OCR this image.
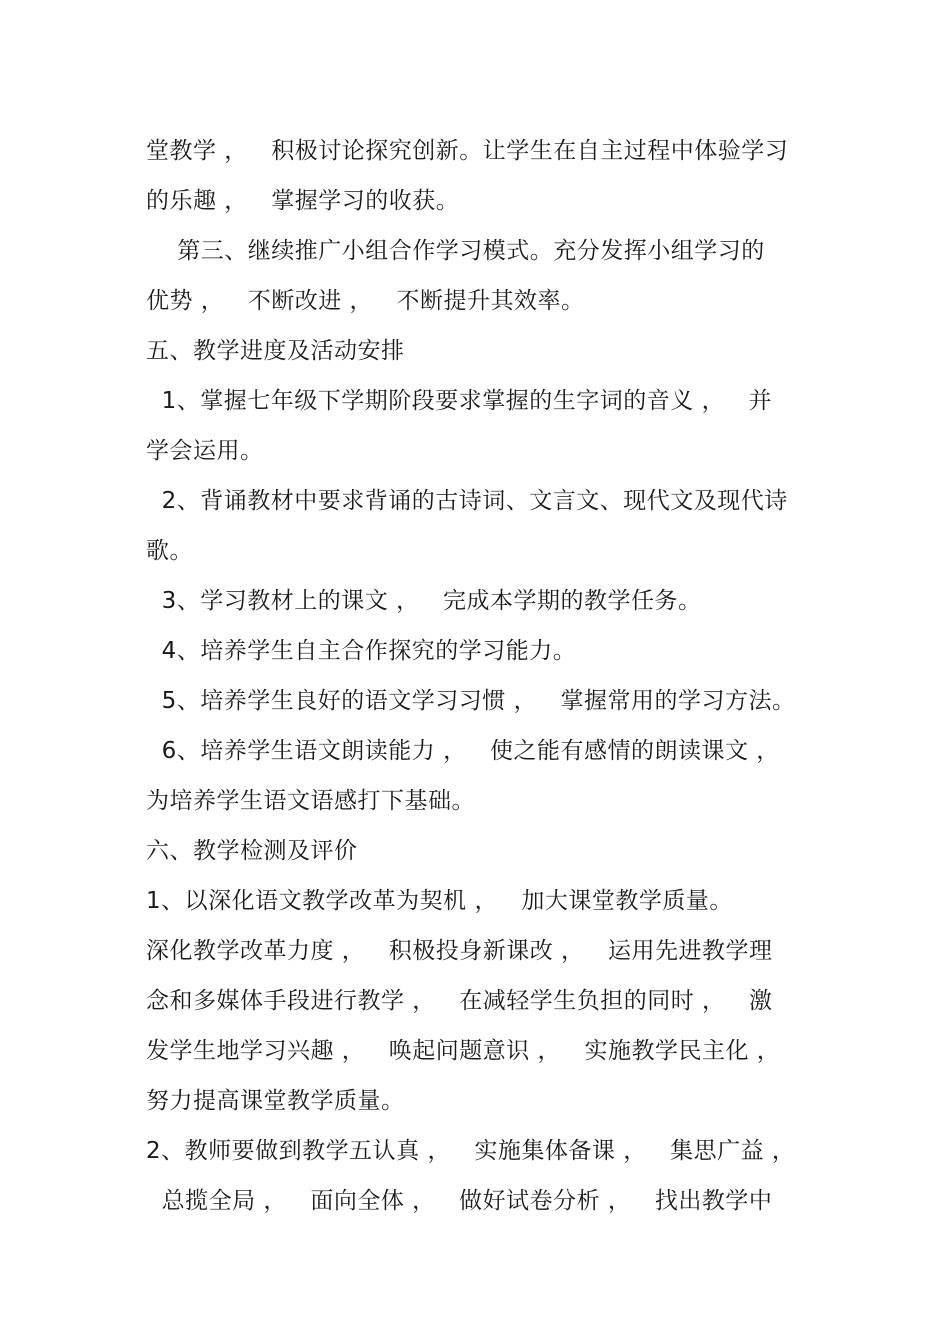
堂教学 ，   积极讨论探究创新。让学生在自主过程中体验学习
的乐趣 ，   掌握学习的收获。
第三、继续推广小组合作学习模式。充分发挥小组学习的
优势 ，   不断改进 ，   不断提升其效率。
五、教学进度及活动安排
1、掌握七年级下学期阶段要求掌握的生字词的音义 ，   并
学会运用。
2、背诵教材中要求背诵的古诗词、文言文、现代文及现代诗
歌。
3、学习教材上的课文 ，   完成本学期的教学任务。
4、培养学生自主合作探究的学习能力。
5、培养学生良好的语文学习习惯 ，   掌握常用的学习方法。
6、培养学生语文朗读能力 ，   使之能有感情的朗读课文 ，
为培养学生语文语感打下基础。
六、教学检测及评价
1、以深化语文教学改革为契机 ，   加大课堂教学质量。
深化教学改革力度 ，   积极投身新课改 ，   运用先进教学理
念和多媒体手段进行教学 ，   在减轻学生负担的同时 ，   激
发学生地学习兴趣 ，   唤起问题意识 ，   实施教学民主化 ，
努力提高课堂教学质量。
2、教师要做到教学五认真 ，   实施集体备课 ，   集思广益 ，
总揽全局 ，   面向全体 ，   做好试卷分析 ，   找出教学中
